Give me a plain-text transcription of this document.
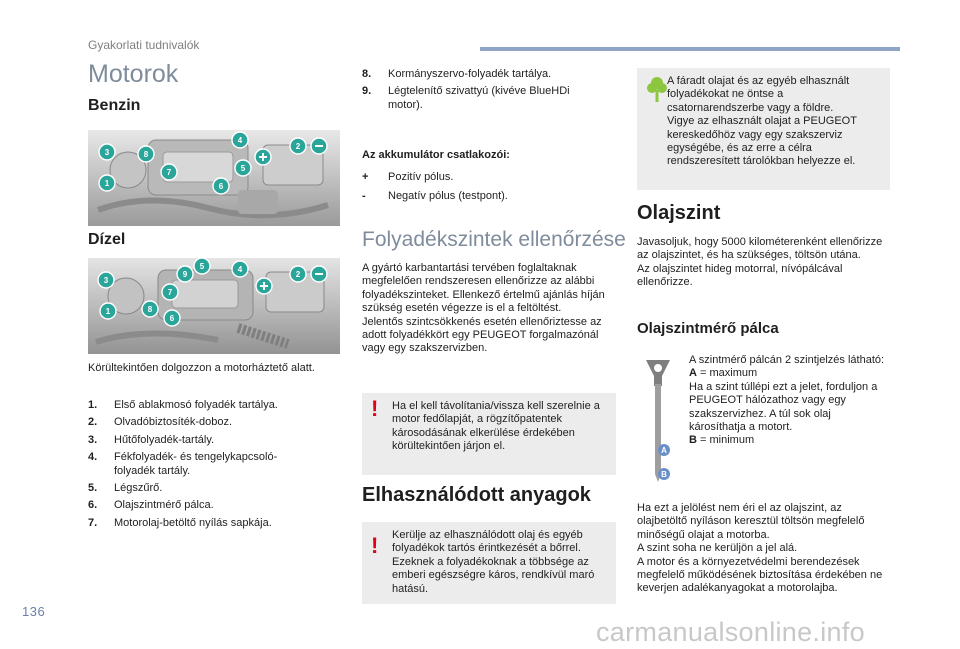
Gyakorlati tudnivalók
Motorok
Benzin
3	8
1
7
4
5
6
2
Dízel
3
9
5	4
7
1	8
6
2

Körültekintően dolgozzon a motorháztető alatt.

1.	Első ablakmosó folyadék tartálya.
2.	Olvadóbiztosíték-doboz.
3.	Hűtőfolyadék-tartály.
4.	Fékfolyadék- és tengelykapcsoló-folyadék tartály.
5.	Légszűrő.
6.	Olajszintmérő pálca.
7.	Motorolaj-betöltő nyílás sapkája.
8.	Kormányszervo-folyadék tartálya.
9.	Légtelenítő szivattyú (kivéve BlueHDi motor).

Az akkumulátor csatlakozói:

+	Pozitív pólus.
-	Negatív pólus (testpont).
Folyadékszintek ellenőrzése

A gyártó karbantartási tervében foglaltaknak megfelelően rendszeresen ellenőrizze az alábbi folyadékszinteket. Ellenkező értelmű ajánlás híján szükség esetén végezze is el a feltöltést.
Jelentős szintcsökkenés esetén ellenőriztesse az adott folyadékkört egy PEUGEOT forgalmazónál vagy egy szakszervizben.

! Ha el kell távolítania/vissza kell szerelnie a motor fedőlapját, a rögzítőpatentek károsodásának elkerülése érdekében körültekintően járjon el.

Elhasználódott anyagok
! Kerülje az elhasználódott olaj és egyéb folyadékok tartós érintkezését a bőrrel.
Ezeknek a folyadékoknak a többsége az emberi egészségre káros, rendkívül maró hatású.

A fáradt olajat és az egyéb elhasznált folyadékokat ne öntse a csatornarendszerbe vagy a földre.
Vigye az elhasznált olajat a PEUGEOT kereskedőhöz vagy egy szakszerviz egységébe, és az erre a célra rendszeresített tárolókban helyezze el.

Olajszint

Javasoljuk, hogy 5000 kilométerenként ellenőrizze az olajszintet, és ha szükséges, töltsön utána.
Az olajszintet hideg motorral, nívópálcával ellenőrizze.

Olajszintmérő pálca
A
B

A szintmérő pálcán 2 szintjelzés látható:

A = maximum

Ha a szint túllépi ezt a jelet, forduljon a PEUGEOT hálózathoz vagy egy szakszervizhez. A túl sok olaj károsíthatja a motort.

B = minimum

Ha ezt a jelölést nem éri el az olajszint, az olajbetöltő nyíláson keresztül töltsön megfelelő minőségű olajat a motorba.
A szint soha ne kerüljön a jel alá.
A motor és a környezetvédelmi berendezések megfelelő működésének biztosítása érdekében ne keverjen adalékanyagokat a motorolajba.

136
carmanualsonline.info
